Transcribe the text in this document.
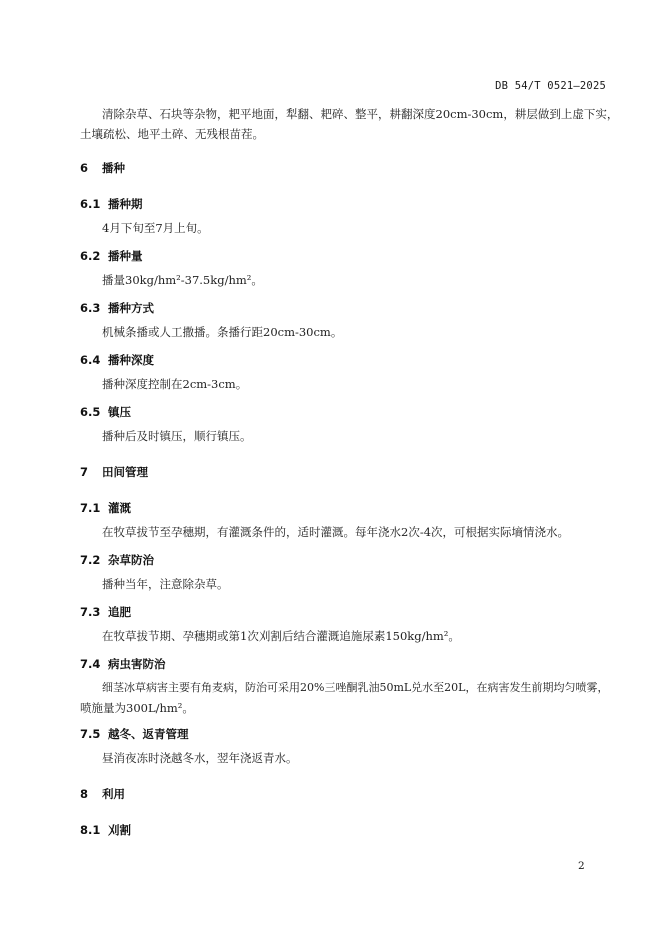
DB 54/T 0521—2025
清除杂草、石块等杂物，耙平地面，犁翻、耙碎、整平，耕翻深度20cm-30cm，耕层做到上虚下实，
土壤疏松、地平土碎、无残根苗茬。
6 播种
6.1 播种期
4月下旬至7月上旬。
6.2 播种量
播量30kg/hm²-37.5kg/hm²。
6.3 播种方式
机械条播或人工撒播。条播行距20cm-30cm。
6.4 播种深度
播种深度控制在2cm-3cm。
6.5 镇压
播种后及时镇压，顺行镇压。
7 田间管理
7.1 灌溉
在牧草拔节至孕穗期，有灌溉条件的，适时灌溉。每年浇水2次-4次，可根据实际墒情浇水。
7.2 杂草防治
播种当年，注意除杂草。
7.3 追肥
在牧草拔节期、孕穗期或第1次刈割后结合灌溉追施尿素150kg/hm²。
7.4 病虫害防治
细茎冰草病害主要有角麦病，防治可采用20%三唑酮乳油50mL兑水至20L，在病害发生前期均匀喷雾，
喷施量为300L/hm²。
7.5 越冬、返青管理
昼消夜冻时浇越冬水，翌年浇返青水。
8 利用
8.1 刈割
2
